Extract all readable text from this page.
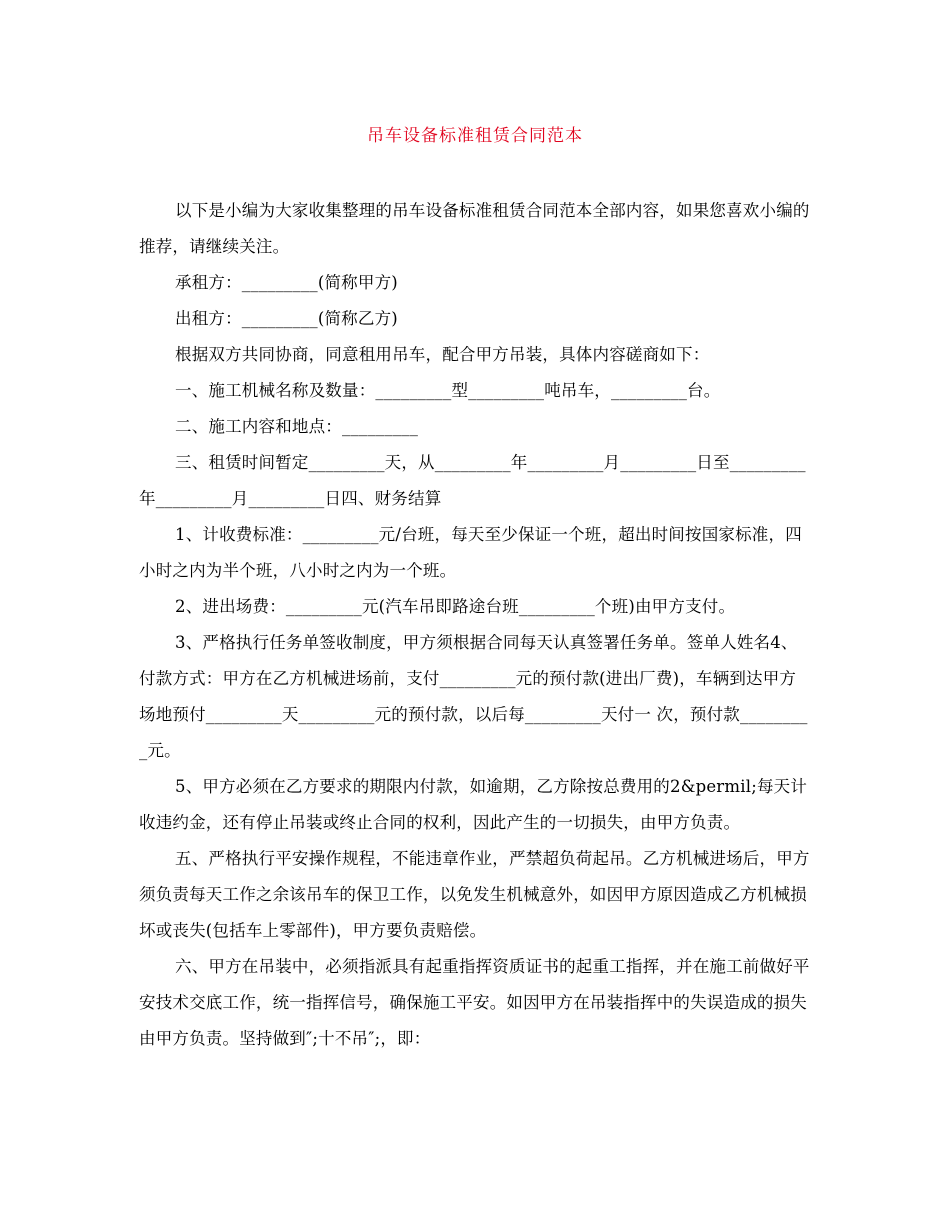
吊车设备标准租赁合同范本

以下是小编为大家收集整理的吊车设备标准租赁合同范本全部内容，如果您喜欢小编的推荐，请继续关注。

承租方：_________(简称甲方)

出租方：_________(简称乙方)

根据双方共同协商，同意租用吊车，配合甲方吊装，具体内容磋商如下：

一、施工机械名称及数量：_________型_________吨吊车，_________台。

二、施工内容和地点：_________

三、租赁时间暂定_________天，从_________年_________月_________日至_________年_________月_________日四、财务结算

1、计收费标准：_________元/台班，每天至少保证一个班，超出时间按国家标准，四小时之内为半个班，八小时之内为一个班。

2、进出场费：_________元(汽车吊即路途台班_________个班)由甲方支付。

3、严格执行任务单签收制度，甲方须根据合同每天认真签署任务单。签单人姓名4、付款方式：甲方在乙方机械进场前，支付_________元的预付款(进出厂费)，车辆到达甲方场地预付_________天_________元的预付款，以后每_________天付一 次，预付款_________元。

5、甲方必须在乙方要求的期限内付款，如逾期，乙方除按总费用的2&permil;每天计收违约金，还有停止吊装或终止合同的权利，因此产生的一切损失，由甲方负责。

五、严格执行平安操作规程，不能违章作业，严禁超负荷起吊。乙方机械进场后，甲方须负责每天工作之余该吊车的保卫工作，以免发生机械意外，如因甲方原因造成乙方机械损坏或丧失(包括车上零部件)，甲方要负责赔偿。

六、甲方在吊装中，必须指派具有起重指挥资质证书的起重工指挥，并在施工前做好平安技术交底工作，统一指挥信号，确保施工平安。如因甲方在吊装指挥中的失误造成的损失由甲方负责。坚持做到″;十不吊″;，即：
